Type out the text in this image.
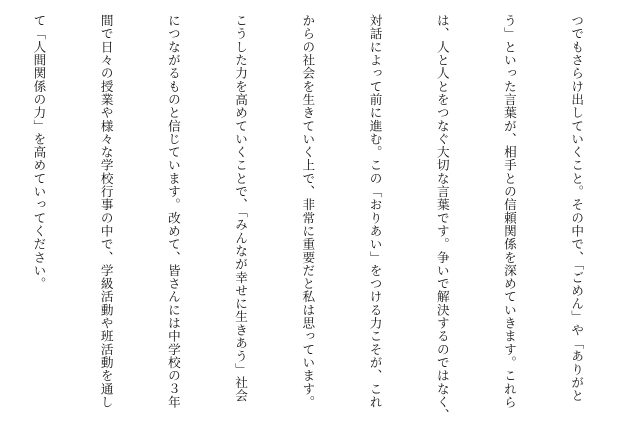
つでもさらけ出していくこと。その中で、「ごめん」や「ありがと

う」といった言葉が、相手との信頼関係を深めていきます。これら

は、人と人とをつなぐ大切な言葉です。争いで解決するのではなく、

対話によって前に進む。この「おりあい」をつける力こそが、これ

からの社会を生きていく上で、非常に重要だと私は思っています。

こうした力を高めていくことで、「みんなが幸せに生きあう」社会

につながるものと信じています。改めて、皆さんには中学校の３年

間で日々の授業や様々な学校行事の中で、学級活動や班活動を通し

て「人間関係の力」を高めていってください。
